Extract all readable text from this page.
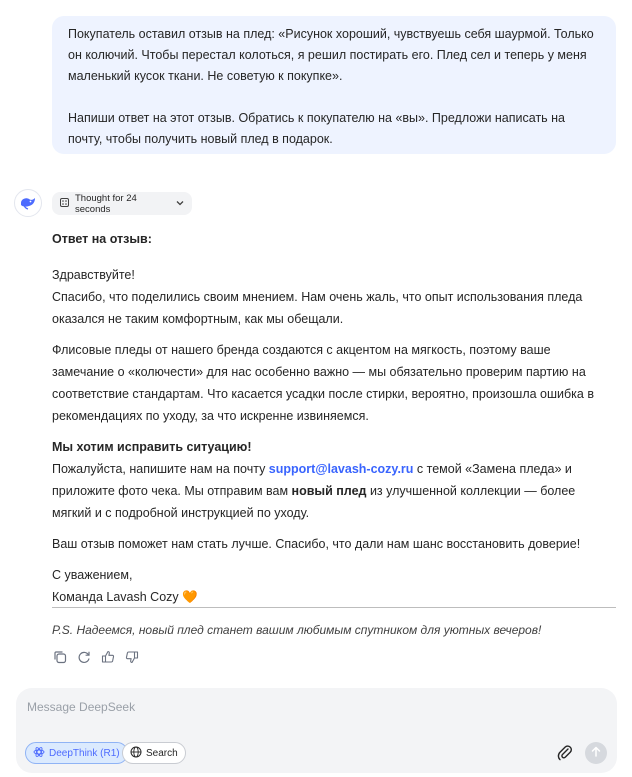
Покупатель оставил отзыв на плед: «Рисунок хороший, чувствуешь себя шаурмой. Только он колючий. Чтобы перестал колоться, я решил постирать его. Плед сел и теперь у меня маленький кусок ткани. Не советую к покупке».

Напиши ответ на этот отзыв. Обратись к покупателю на «вы». Предложи написать на почту, чтобы получить новый плед в подарок.

Thought for 24 seconds

Ответ на отзыв:

Здравствуйте!

Спасибо, что поделились своим мнением. Нам очень жаль, что опыт использования пледа оказался не таким комфортным, как мы обещали.

Флисовые пледы от нашего бренда создаются с акцентом на мягкость, поэтому ваше замечание о «колючести» для нас особенно важно — мы обязательно проверим партию на соответствие стандартам. Что касается усадки после стирки, вероятно, произошла ошибка в рекомендациях по уходу, за что искренне извиняемся.

Мы хотим исправить ситуацию!

Пожалуйста, напишите нам на почту support@lavash-cozy.ru с темой «Замена пледа» и приложите фото чека. Мы отправим вам новый плед из улучшенной коллекции — более мягкий и с подробной инструкцией по уходу.

Ваш отзыв поможет нам стать лучше. Спасибо, что дали нам шанс восстановить доверие!

С уважением,

Команда Lavash Cozy 🧡

P.S. Надеемся, новый плед станет вашим любимым спутником для уютных вечеров!
Message DeepSeek
DeepThink (R1)	Search
